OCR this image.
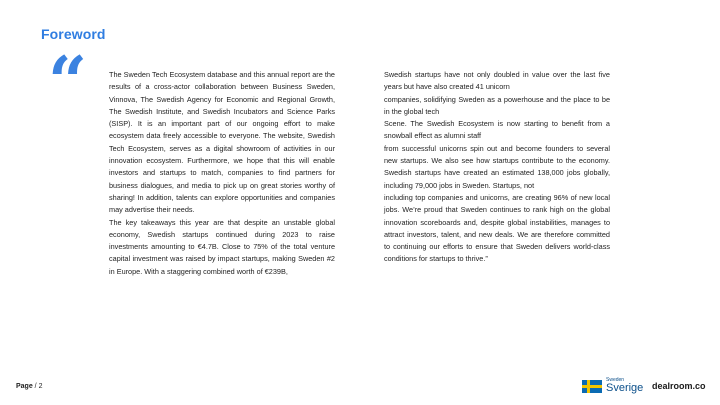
Foreword
“	The Sweden Tech Ecosystem database and this annual report are the results of a cross-actor collaboration between Business Sweden, Vinnova, The Swedish Agency for Economic and Regional Growth, The Swedish Institute, and Swedish Incubators and Science Parks (SISP). It is an important part of our ongoing effort to make ecosystem data freely accessible to everyone. The website, Swedish Tech Ecosystem, serves as a digital showroom of activities in our innovation ecosystem. Furthermore, we hope that this will enable investors and startups to match, companies to find partners for business dialogues, and media to pick up on great stories worthy of sharing! In addition, talents can explore opportunities and companies may advertise their needs.

The key takeaways this year are that despite an unstable global economy, Swedish startups continued during 2023 to raise investments amounting to €4.7B. Close to 75% of the total venture capital investment was raised by impact startups, making Sweden #2 in Europe. With a staggering combined worth of €239B,

Swedish startups have not only doubled in value over the last five years but have also created 41 unicorn

companies, solidifying Sweden as a powerhouse and the place to be in the global tech

Scene. The Swedish Ecosystem is now starting to benefit from a snowball effect as alumni staff

from successful unicorns spin out and become founders to several new startups. We also see how startups contribute to the economy. Swedish startups have created an estimated 138,000 jobs globally, including 79,000 jobs in Sweden. Startups, not

including top companies and unicorns, are creating 96% of new local jobs. We’re proud that Sweden continues to rank high on the global innovation scoreboards and, despite global instabilities, manages to attract investors, talent, and new deals. We are therefore committed to continuing our efforts to ensure that Sweden delivers world-class conditions for startups to thrive.”

Page / 2
Sweden
Sverige dealroom.co
